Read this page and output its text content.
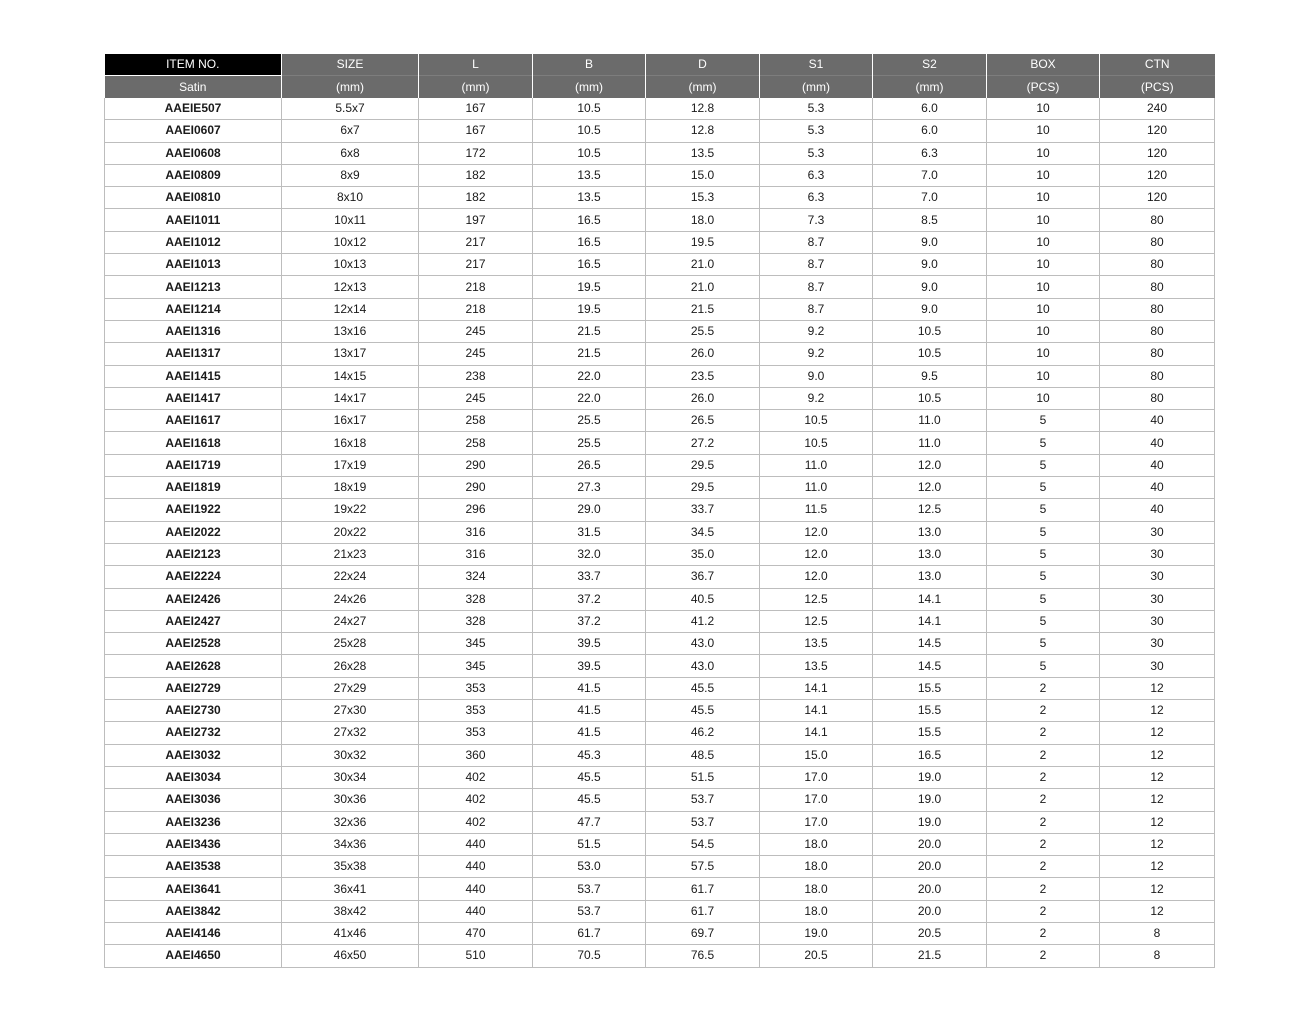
ITEM NO.	SIZE	L	B	D	S1	S2	BOX	CTN
Satin	(mm)	(mm)	(mm)	(mm)	(mm)	(mm)	(PCS)	(PCS)
AAEIE507	5.5x7	167	10.5	12.8	5.3	6.0	10	240
AAEI0607	6x7	167	10.5	12.8	5.3	6.0	10	120
AAEI0608	6x8	172	10.5	13.5	5.3	6.3	10	120
AAEI0809	8x9	182	13.5	15.0	6.3	7.0	10	120
AAEI0810	8x10	182	13.5	15.3	6.3	7.0	10	120
AAEI1011	10x11	197	16.5	18.0	7.3	8.5	10	80
AAEI1012	10x12	217	16.5	19.5	8.7	9.0	10	80
AAEI1013	10x13	217	16.5	21.0	8.7	9.0	10	80
AAEI1213	12x13	218	19.5	21.0	8.7	9.0	10	80
AAEI1214	12x14	218	19.5	21.5	8.7	9.0	10	80
AAEI1316	13x16	245	21.5	25.5	9.2	10.5	10	80
AAEI1317	13x17	245	21.5	26.0	9.2	10.5	10	80
AAEI1415	14x15	238	22.0	23.5	9.0	9.5	10	80
AAEI1417	14x17	245	22.0	26.0	9.2	10.5	10	80
AAEI1617	16x17	258	25.5	26.5	10.5	11.0	5	40
AAEI1618	16x18	258	25.5	27.2	10.5	11.0	5	40
AAEI1719	17x19	290	26.5	29.5	11.0	12.0	5	40
AAEI1819	18x19	290	27.3	29.5	11.0	12.0	5	40
AAEI1922	19x22	296	29.0	33.7	11.5	12.5	5	40
AAEI2022	20x22	316	31.5	34.5	12.0	13.0	5	30
AAEI2123	21x23	316	32.0	35.0	12.0	13.0	5	30
AAEI2224	22x24	324	33.7	36.7	12.0	13.0	5	30
AAEI2426	24x26	328	37.2	40.5	12.5	14.1	5	30
AAEI2427	24x27	328	37.2	41.2	12.5	14.1	5	30
AAEI2528	25x28	345	39.5	43.0	13.5	14.5	5	30
AAEI2628	26x28	345	39.5	43.0	13.5	14.5	5	30
AAEI2729	27x29	353	41.5	45.5	14.1	15.5	2	12
AAEI2730	27x30	353	41.5	45.5	14.1	15.5	2	12
AAEI2732	27x32	353	41.5	46.2	14.1	15.5	2	12
AAEI3032	30x32	360	45.3	48.5	15.0	16.5	2	12
AAEI3034	30x34	402	45.5	51.5	17.0	19.0	2	12
AAEI3036	30x36	402	45.5	53.7	17.0	19.0	2	12
AAEI3236	32x36	402	47.7	53.7	17.0	19.0	2	12
AAEI3436	34x36	440	51.5	54.5	18.0	20.0	2	12
AAEI3538	35x38	440	53.0	57.5	18.0	20.0	2	12
AAEI3641	36x41	440	53.7	61.7	18.0	20.0	2	12
AAEI3842	38x42	440	53.7	61.7	18.0	20.0	2	12
AAEI4146	41x46	470	61.7	69.7	19.0	20.5	2	8
AAEI4650	46x50	510	70.5	76.5	20.5	21.5	2	8
